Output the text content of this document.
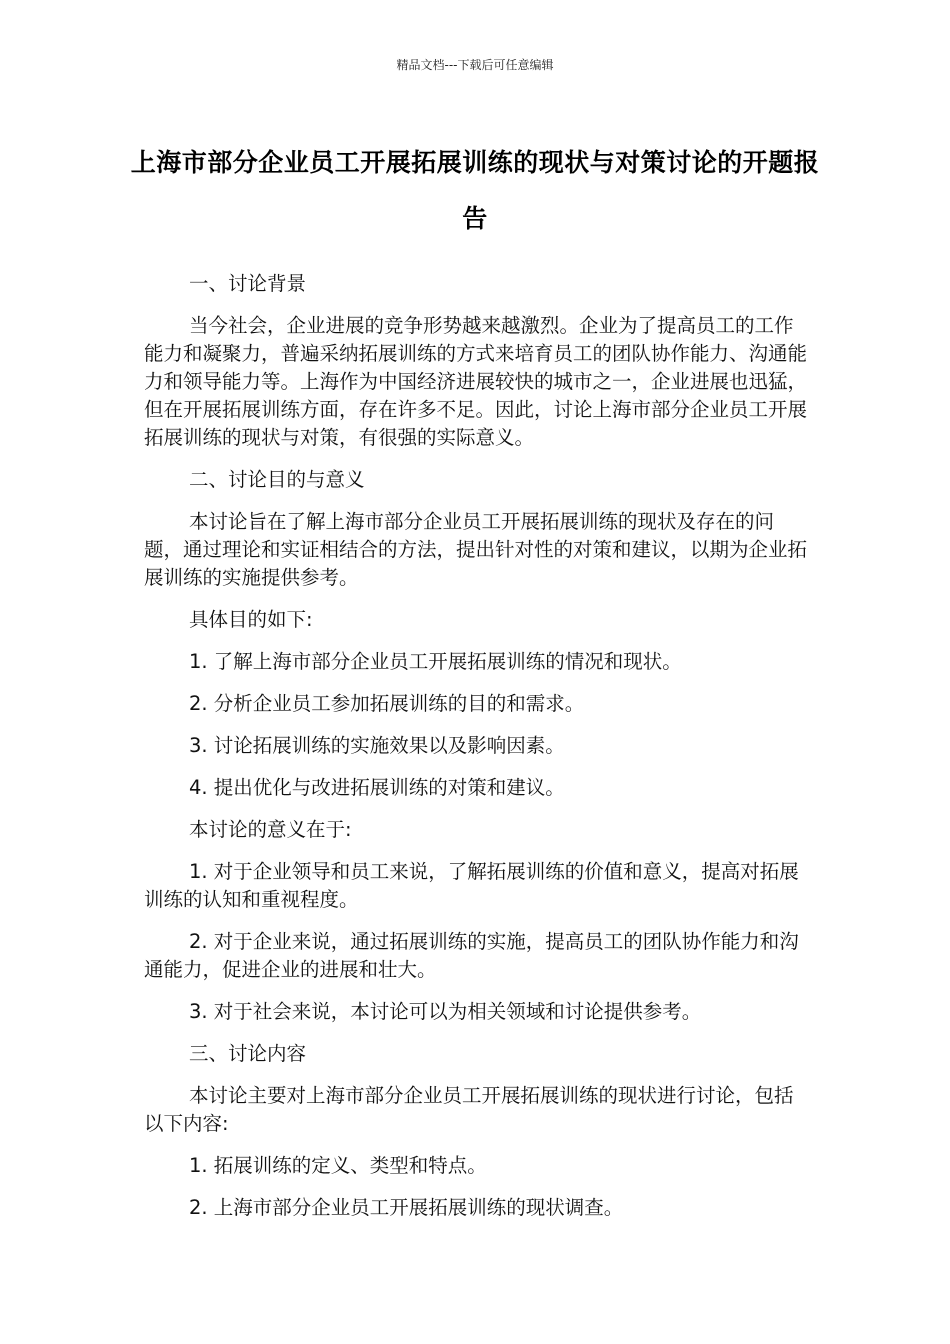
精品文档---下载后可任意编辑
上海市部分企业员工开展拓展训练的现状与对策讨论的开题报告

一、讨论背景

当今社会，企业进展的竞争形势越来越激烈。企业为了提高员工的工作能力和凝聚力，普遍采纳拓展训练的方式来培育员工的团队协作能力、沟通能力和领导能力等。上海作为中国经济进展较快的城市之一，企业进展也迅猛，但在开展拓展训练方面，存在许多不足。因此，讨论上海市部分企业员工开展拓展训练的现状与对策，有很强的实际意义。

二、讨论目的与意义

本讨论旨在了解上海市部分企业员工开展拓展训练的现状及存在的问题，通过理论和实证相结合的方法，提出针对性的对策和建议，以期为企业拓展训练的实施提供参考。

具体目的如下:

1. 了解上海市部分企业员工开展拓展训练的情况和现状。

2. 分析企业员工参加拓展训练的目的和需求。

3. 讨论拓展训练的实施效果以及影响因素。

4. 提出优化与改进拓展训练的对策和建议。

本讨论的意义在于:

1. 对于企业领导和员工来说，了解拓展训练的价值和意义，提高对拓展训练的认知和重视程度。

2. 对于企业来说，通过拓展训练的实施，提高员工的团队协作能力和沟通能力，促进企业的进展和壮大。

3. 对于社会来说，本讨论可以为相关领域和讨论提供参考。

三、讨论内容

本讨论主要对上海市部分企业员工开展拓展训练的现状进行讨论，包括以下内容:

1. 拓展训练的定义、类型和特点。

2. 上海市部分企业员工开展拓展训练的现状调查。
